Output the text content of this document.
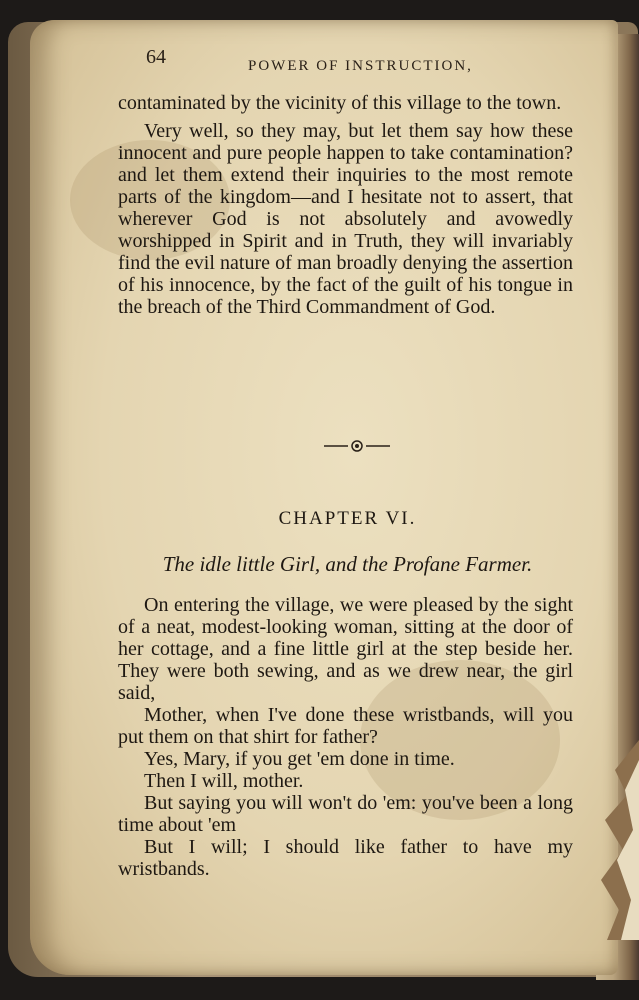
64	POWER OF INSTRUCTION,

contaminated by the vicinity of this village to the town.

Very well, so they may, but let them say how these innocent and pure people happen to take contamination? and let them extend their inquiries to the most remote parts of the kingdom—and I hesitate not to assert, that wherever God is not absolutely and avowedly worshipped in Spirit and in Truth, they will invariably find the evil nature of man broadly denying the assertion of his innocence, by the fact of the guilt of his tongue in the breach of the Third Commandment of God.

CHAPTER VI.
The idle little Girl, and the Profane Farmer.

On entering the village, we were pleased by the sight of a neat, modest-looking woman, sitting at the door of her cottage, and a fine little girl at the step beside her. They were both sewing, and as we drew near, the girl said,

Mother, when I've done these wristbands, will you put them on that shirt for father?

Yes, Mary, if you get 'em done in time.

Then I will, mother.

But saying you will won't do 'em: you've been a long time about 'em

But I will; I should like father to have my wristbands.
